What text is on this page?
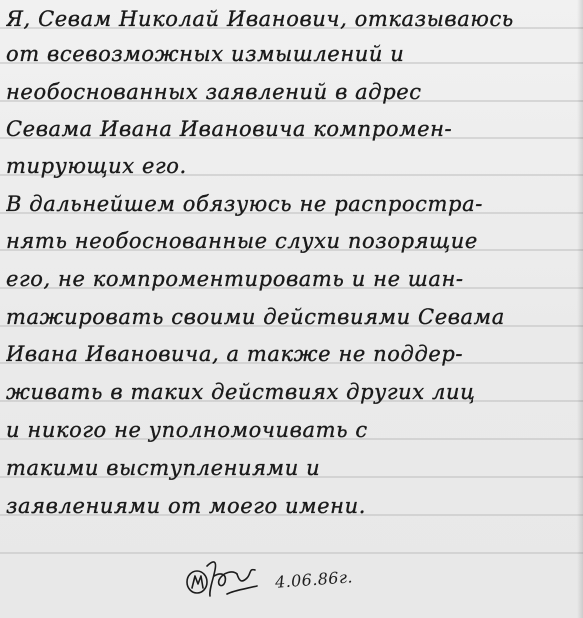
Я, Севам Николай Иванович, отказываюсь
от всевозможных измышлений и
необоснованных заявлений в адрес
Севама Ивана Ивановича компромен-
тирующих его.
В дальнейшем обязуюсь не распростра-
нять необоснованные слухи позорящие
его, не компроментировать и не шан-
тажировать своими действиями Севама
Ивана Ивановича, а также не поддер-
живать в таких действиях других лиц
и никого не уполномочивать с
такими выступлениями и
заявлениями от моего имени.
4.06.86г.
